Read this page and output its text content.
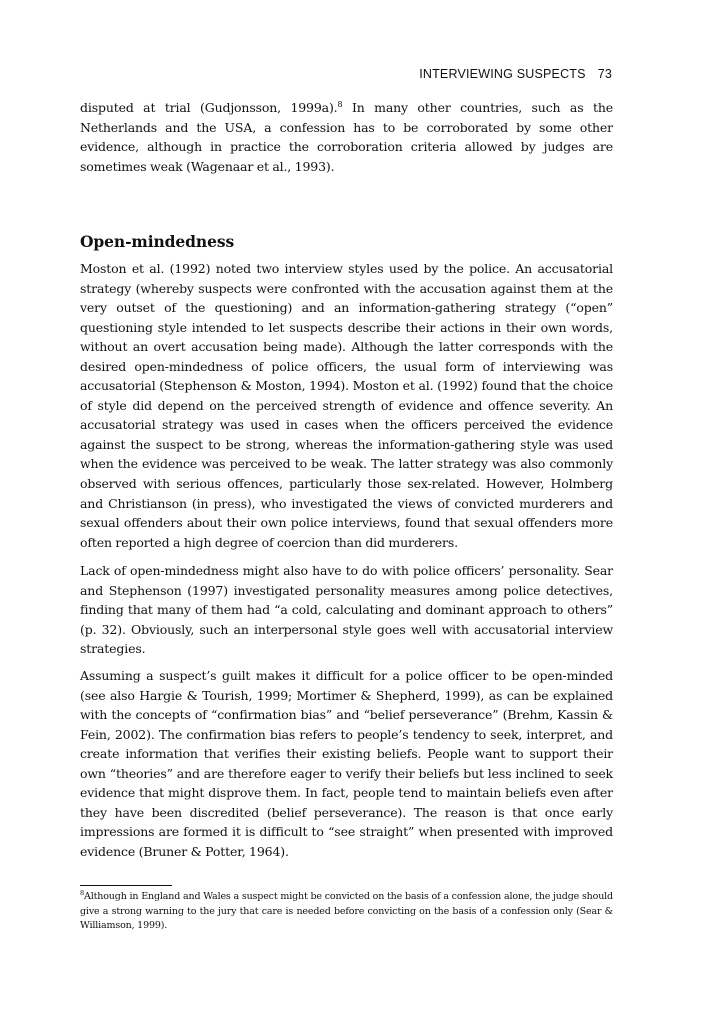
INTERVIEWING SUSPECTS 73

disputed at trial (Gudjonsson, 1999a).$^8$ In many other countries, such as the Netherlands and the USA, a confession has to be corroborated by some other evidence, although in practice the corroboration criteria allowed by judges are sometimes weak (Wagenaar et al., 1993).

Open-mindedness

Moston et al. (1992) noted two interview styles used by the police. An accusatorial strategy (whereby suspects were confronted with the accusation against them at the very outset of the questioning) and an information-gathering strategy (“open” questioning style intended to let suspects describe their actions in their own words, without an overt accusation being made). Although the latter corresponds with the desired open-mindedness of police officers, the usual form of interviewing was accusatorial (Stephenson & Moston, 1994). Moston et al. (1992) found that the choice of style did depend on the perceived strength of evidence and offence severity. An accusatorial strategy was used in cases when the officers perceived the evidence against the suspect to be strong, whereas the information-gathering style was used when the evidence was perceived to be weak. The latter strategy was also commonly observed with serious offences, particularly those sex-related. However, Holmberg and Christianson (in press), who investigated the views of convicted murderers and sexual offenders about their own police interviews, found that sexual offenders more often reported a high degree of coercion than did murderers.

Lack of open-mindedness might also have to do with police officers’ personality. Sear and Stephenson (1997) investigated personality measures among police detectives, finding that many of them had “a cold, calculating and dominant approach to others” (p. 32). Obviously, such an interpersonal style goes well with accusatorial interview strategies.

Assuming a suspect’s guilt makes it difficult for a police officer to be open-minded (see also Hargie & Tourish, 1999; Mortimer & Shepherd, 1999), as can be explained with the concepts of “confirmation bias” and “belief perseverance” (Brehm, Kassin & Fein, 2002). The confirmation bias refers to people’s tendency to seek, interpret, and create information that verifies their existing beliefs. People want to support their own “theories” and are therefore eager to verify their beliefs but less inclined to seek evidence that might disprove them. In fact, people tend to maintain beliefs even after they have been discredited (belief perseverance). The reason is that once early impressions are formed it is difficult to “see straight” when presented with improved evidence (Bruner & Potter, 1964).

$^8$Although in England and Wales a suspect might be convicted on the basis of a confession alone, the judge should give a strong warning to the jury that care is needed before convicting on the basis of a confession only (Sear & Williamson, 1999).
